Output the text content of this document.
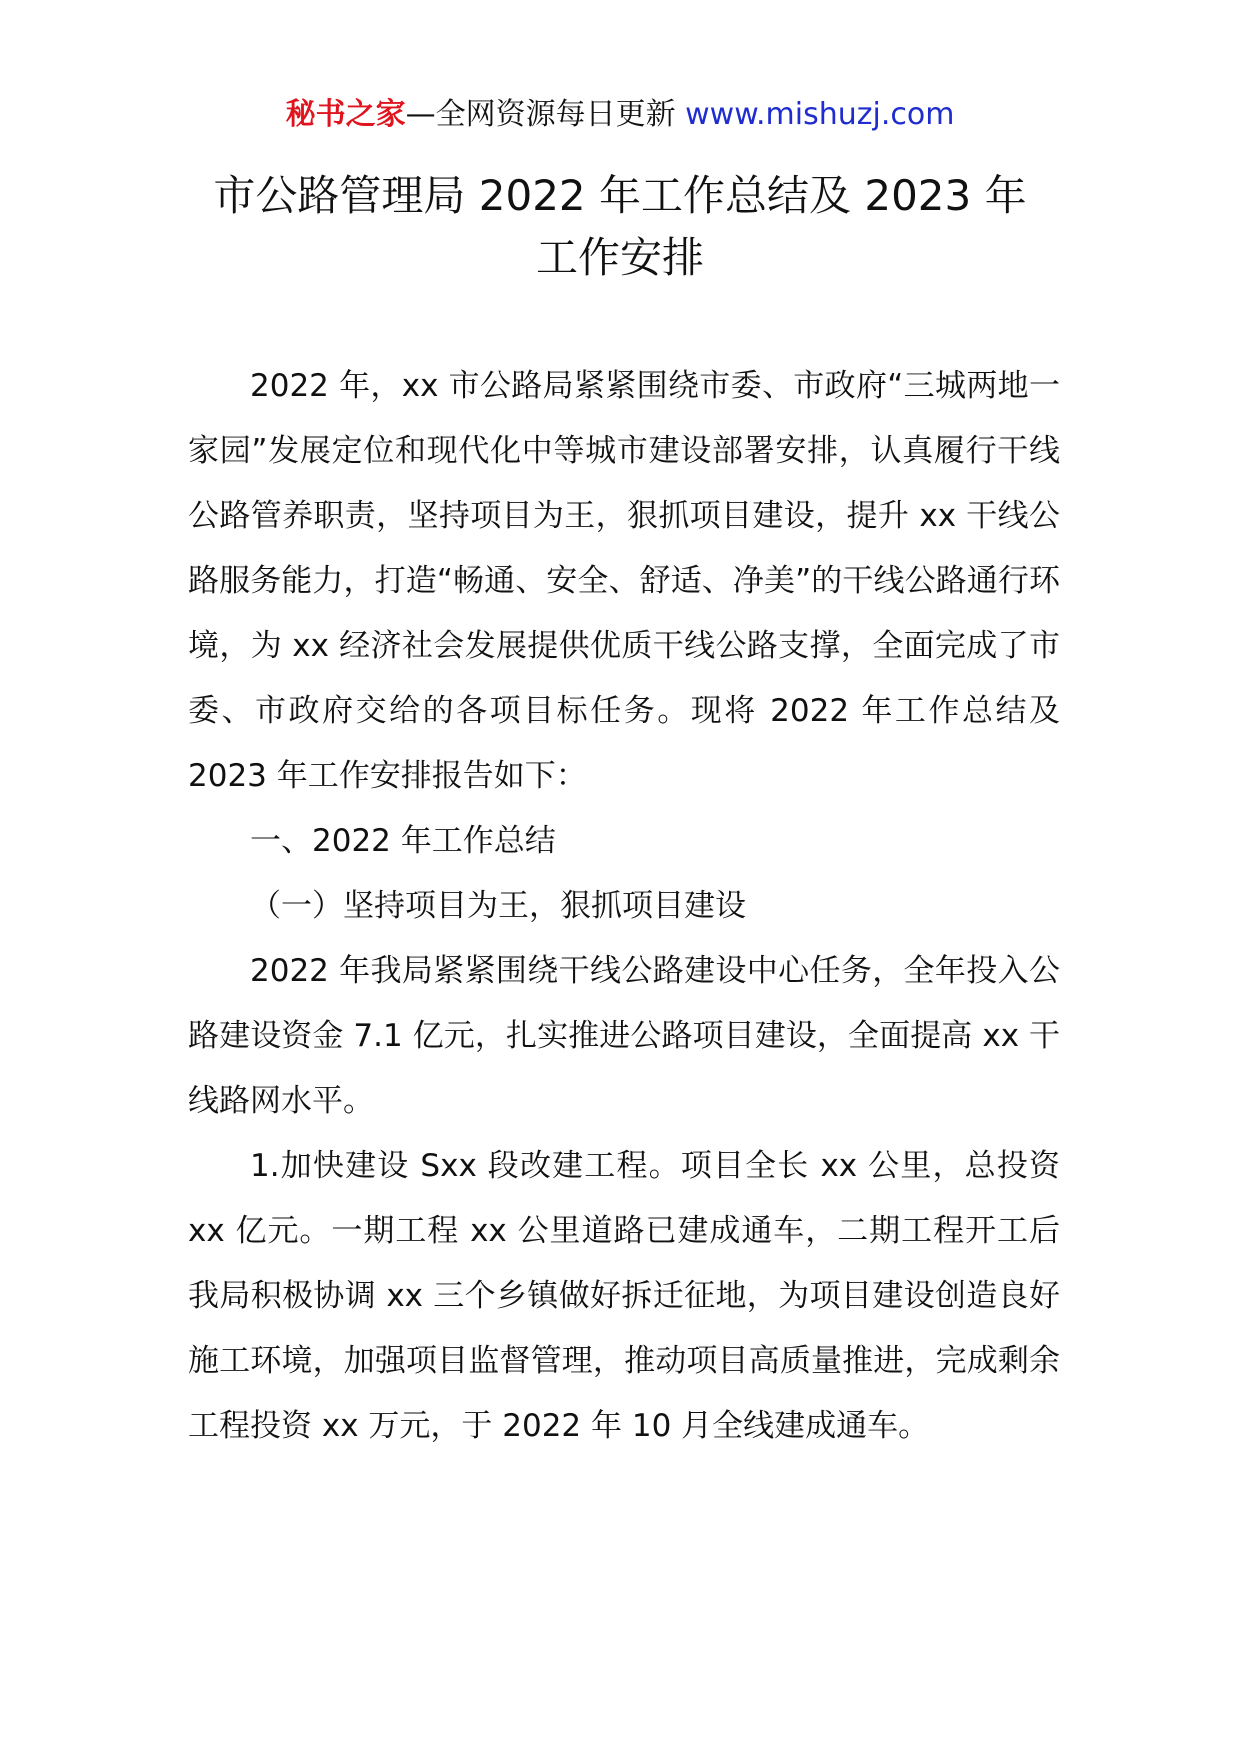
秘书之家—全网资源每日更新 www.mishuzj.com
市公路管理局 2022 年工作总结及 2023 年
工作安排

2022 年，xx 市公路局紧紧围绕市委、市政府“三城两地一家园”发展定位和现代化中等城市建设部署安排，认真履行干线公路管养职责，坚持项目为王，狠抓项目建设，提升 xx 干线公路服务能力，打造“畅通、安全、舒适、净美”的干线公路通行环境，为 xx 经济社会发展提供优质干线公路支撑，全面完成了市委、市政府交给的各项目标任务。现将 2022 年工作总结及 2023 年工作安排报告如下：

一、2022 年工作总结

（一）坚持项目为王，狠抓项目建设

2022 年我局紧紧围绕干线公路建设中心任务，全年投入公路建设资金 7.1 亿元，扎实推进公路项目建设，全面提高 xx 干线路网水平。

1.加快建设 Sxx 段改建工程。项目全长 xx 公里，总投资 xx 亿元。一期工程 xx 公里道路已建成通车，二期工程开工后我局积极协调 xx 三个乡镇做好拆迁征地，为项目建设创造良好施工环境，加强项目监督管理，推动项目高质量推进，完成剩余工程投资 xx 万元，于 2022 年 10 月全线建成通车。
